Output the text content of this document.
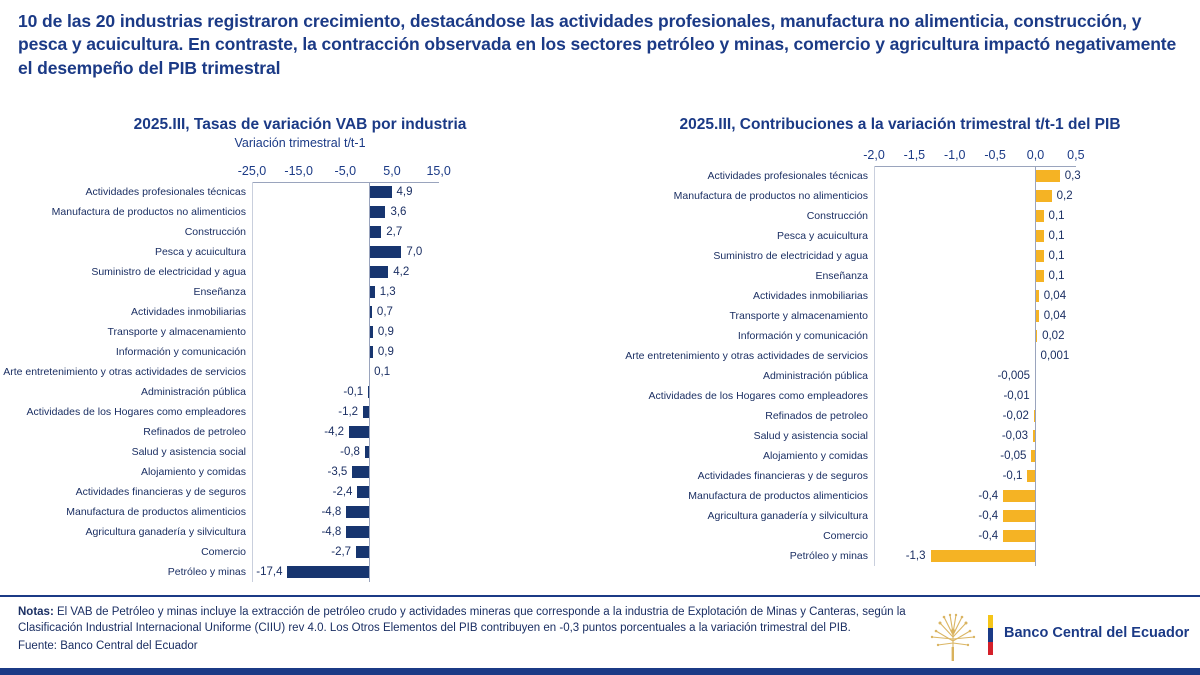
10 de las 20 industrias registraron crecimiento, destacándose las actividades profesionales, manufactura no alimenticia, construcción, y pesca y acuicultura. En contraste, la contracción observada en los sectores petróleo y minas, comercio y agricultura impactó negativamente el desempeño del PIB trimestral
2025.III, Tasas de variación VAB por industria
Variación trimestral t/t-1
-25,0 -15,0 -5,0 5,0 15,0
Actividades profesionales técnicas	4,9
Manufactura de productos no alimenticios	3,6
Construcción	2,7
Pesca y acuicultura	7,0
Suministro de electricidad y agua	4,2
Enseñanza	1,3
Actividades inmobiliarias	0,7
Transporte y almacenamiento	0,9
Información y comunicación	0,9
Arte entretenimiento y otras actividades de servicios	0,1
Administración pública	-0,1
Actividades de los Hogares como empleadores	-1,2
Refinados de petroleo	-4,2
Salud y asistencia social	-0,8
Alojamiento y comidas	-3,5
Actividades financieras y de seguros	-2,4
Manufactura de productos alimenticios	-4,8
Agricultura ganadería y silvicultura	-4,8
Comercio	-2,7
Petróleo y minas -17,4
2025.III, Contribuciones a la variación trimestral t/t-1 del PIB
-2,0 -1,5 -1,0 -0,5 0,0 0,5
Actividades profesionales técnicas	0,3
Manufactura de productos no alimenticios	0,2
Construcción	0,1
Pesca y acuicultura	0,1
Suministro de electricidad y agua	0,1
Enseñanza	0,1
Actividades inmobiliarias	0,04
Transporte y almacenamiento	0,04
Información y comunicación	0,02
Arte entretenimiento y otras actividades de servicios	0,001
Administración pública	-0,005
Actividades de los Hogares como empleadores	-0,01
Refinados de petroleo	-0,02
Salud y asistencia social	-0,03
Alojamiento y comidas	-0,05
Actividades financieras y de seguros	-0,1
Manufactura de productos alimenticios	-0,4
Agricultura ganadería y silvicultura	-0,4
Comercio	-0,4
Petróleo y minas	-1,3
Notas: El VAB de Petróleo y minas incluye la extracción de petróleo crudo y actividades mineras que corresponde a la industria de Explotación de Minas y Canteras, según la Clasificación Industrial Internacional Uniforme (CIIU) rev 4.0. Los Otros Elementos del PIB contribuyen en -0,3 puntos porcentuales a la variación trimestral del PIB.
Fuente: Banco Central del Ecuador
Banco Central del Ecuador
